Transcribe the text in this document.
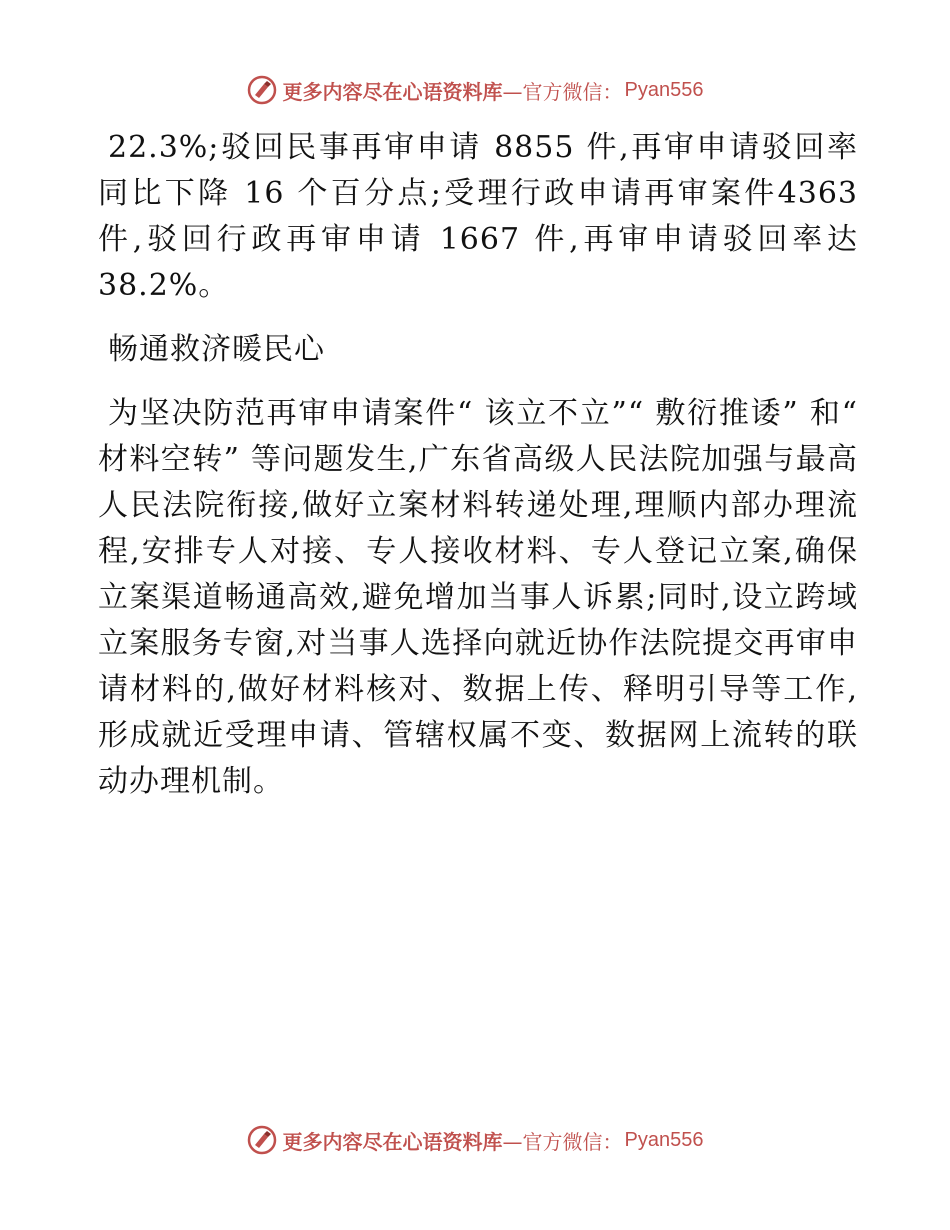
更多内容尽在心语资料库 —官方微信： Pyan556

22.3%;驳回民事再审申请 8855 件,再审申请驳回率同比下降 16 个百分点;受理行政申请再审案件4363 件,驳回行政再审申请 1667 件,再审申请驳回率达 38.2%。

畅通救济暖民心

为坚决防范再审申请案件“ 该立不立”“ 敷衍推诿” 和“ 材料空转” 等问题发生,广东省高级人民法院加强与最高人民法院衔接,做好立案材料转递处理,理顺内部办理流程,安排专人对接、专人接收材料、专人登记立案,确保立案渠道畅通高效,避免增加当事人诉累;同时,设立跨域立案服务专窗,对当事人选择向就近协作法院提交再审申请材料的,做好材料核对、数据上传、释明引导等工作,形成就近受理申请、管辖权属不变、数据网上流转的联动办理机制。

更多内容尽在心语资料库 —官方微信： Pyan556
